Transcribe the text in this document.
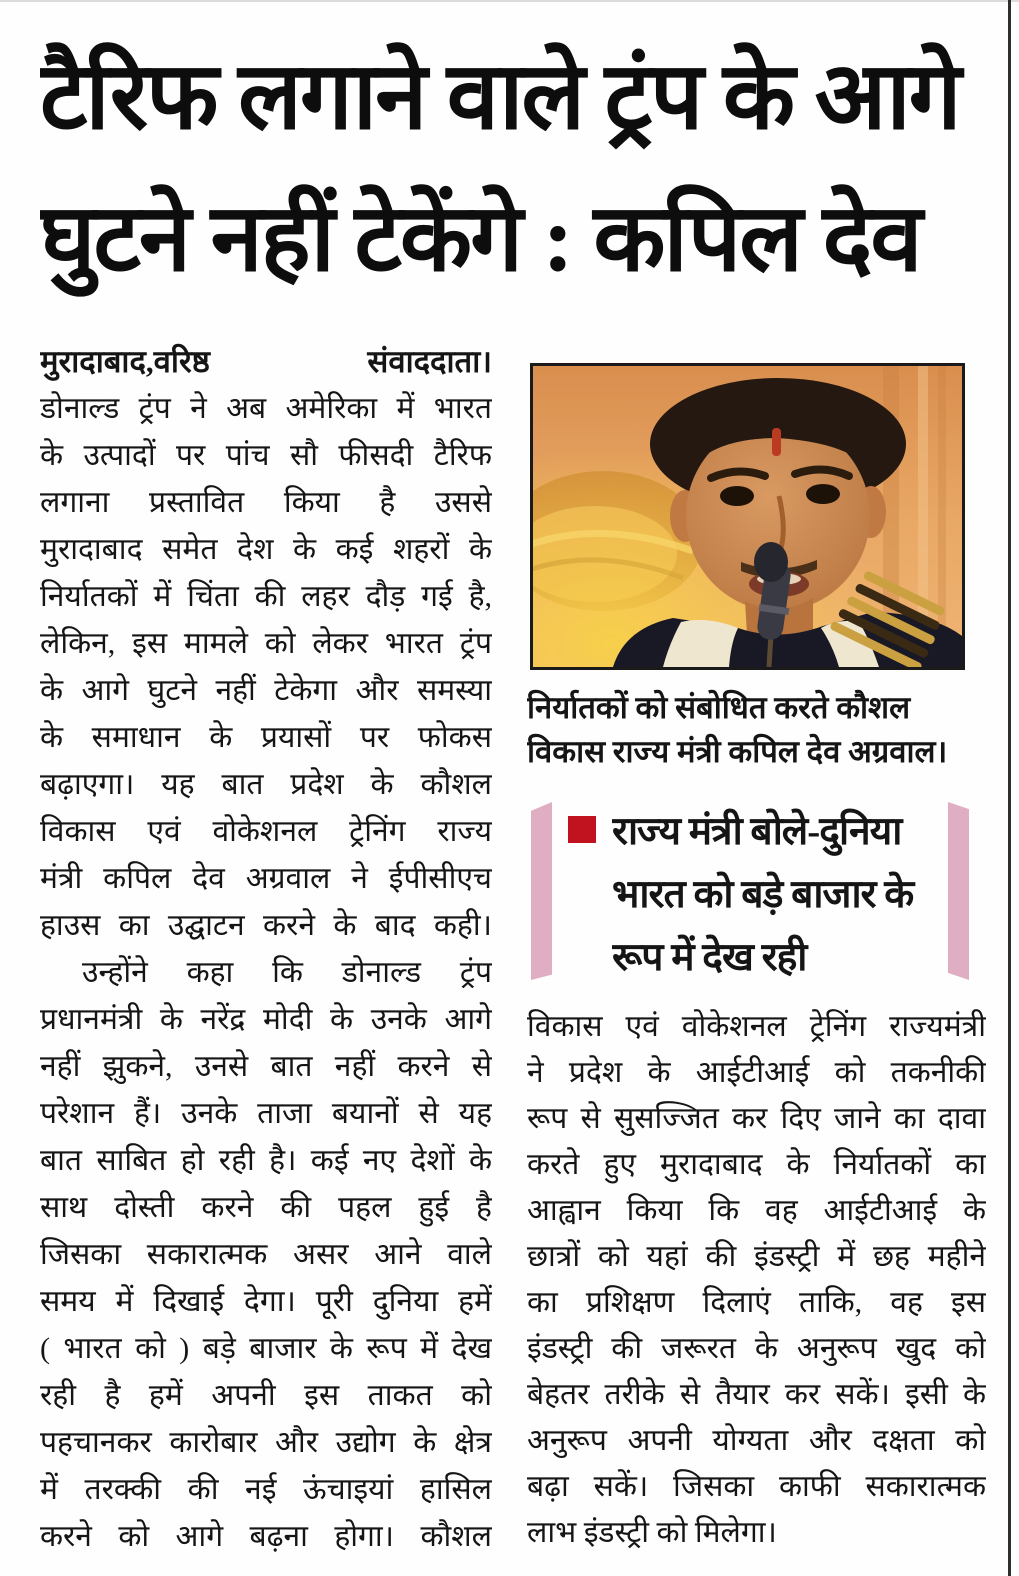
टैरिफ लगाने वाले ट्रंप के आगे
घुटने नहीं टेकेंगे : कपिल देव
मुरादाबाद,वरिष्ठ संवाददाता।
डोनाल्ड ट्रंप ने अब अमेरिका में भारत
के उत्पादों पर पांच सौ फीसदी टैरिफ
लगाना प्रस्तावित किया है उससे
मुरादाबाद समेत देश के कई शहरों के
निर्यातकों में चिंता की लहर दौड़ गई है,
लेकिन, इस मामले को लेकर भारत ट्रंप
के आगे घुटने नहीं टेकेगा और समस्या
के समाधान के प्रयासों पर फोकस
बढ़ाएगा। यह बात प्रदेश के कौशल
विकास एवं वोकेशनल ट्रेनिंग राज्य
मंत्री कपिल देव अग्रवाल ने ईपीसीएच
हाउस का उद्घाटन करने के बाद कही।
उन्होंने कहा कि डोनाल्ड ट्रंप
प्रधानमंत्री के नरेंद्र मोदी के उनके आगे
नहीं झुकने, उनसे बात नहीं करने से
परेशान हैं। उनके ताजा बयानों से यह
बात साबित हो रही है। कई नए देशों के
साथ दोस्ती करने की पहल हुई है
जिसका सकारात्मक असर आने वाले
समय में दिखाई देगा। पूरी दुनिया हमें
( भारत को ) बड़े बाजार के रूप में देख
रही है हमें अपनी इस ताकत को
पहचानकर कारोबार और उद्योग के क्षेत्र
में तरक्की की नई ऊंचाइयां हासिल
करने को आगे बढ़ना होगा। कौशल
निर्यातकों को संबोधित करते कौशल
विकास राज्य मंत्री कपिल देव अग्रवाल।
राज्य मंत्री बोले-दुनिया
भारत को बड़े बाजार के
रूप में देख रही
विकास एवं वोकेशनल ट्रेनिंग राज्यमंत्री
ने प्रदेश के आईटीआई को तकनीकी
रूप से सुसज्जित कर दिए जाने का दावा
करते हुए मुरादाबाद के निर्यातकों का
आह्वान किया कि वह आईटीआई के
छात्रों को यहां की इंडस्ट्री में छह महीने
का प्रशिक्षण दिलाएं ताकि, वह इस
इंडस्ट्री की जरूरत के अनुरूप खुद को
बेहतर तरीके से तैयार कर सकें। इसी के
अनुरूप अपनी योग्यता और दक्षता को
बढ़ा सकें। जिसका काफी सकारात्मक
लाभ इंडस्ट्री को मिलेगा।
